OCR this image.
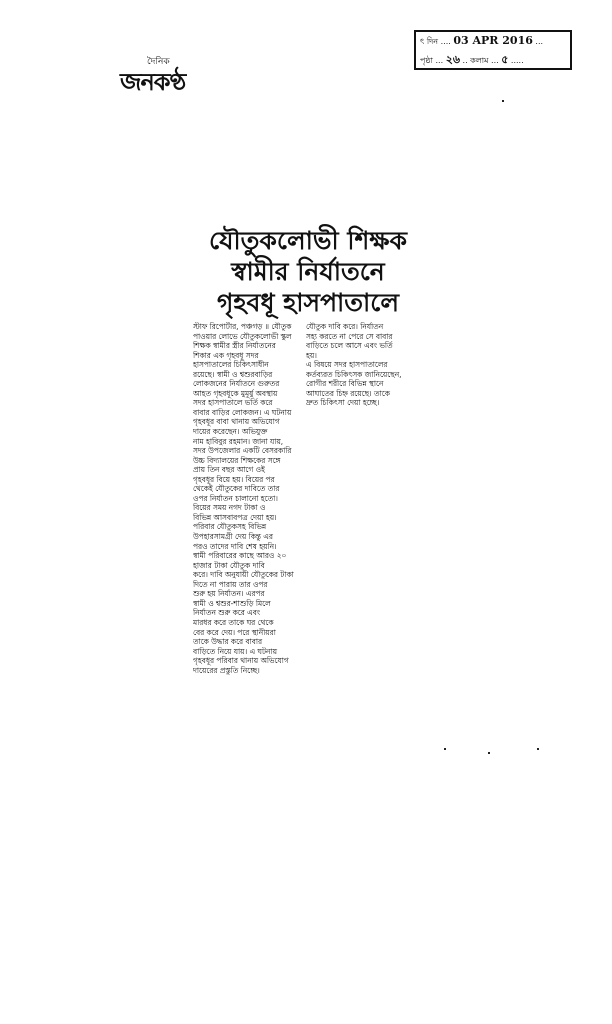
দৈনিক
জনকণ্ঠ
ৎ দিন .... 03 APR 2016 ...
পৃষ্ঠা ... ২৬ .. কলাম ... ৫ .....
যৌতুকলোভী শিক্ষক
স্বামীর নির্যাতনে
গৃহবধূ হাসপাতালে
স্টাফ রিপোর্টার, পঞ্চগড় ॥ যৌতুক
পাওয়ার লোভে যৌতুকলোভী স্কুল
শিক্ষক স্বামীর স্ত্রীর নির্যাতনের
শিকার এক গৃহবধূ সদর
হাসপাতালের চিকিৎসাধীন
রয়েছে। স্বামী ও শ্বশুরবাড়ির
লোকজনের নির্যাতনে গুরুতর
আহত গৃহবধূকে মুমূর্ষু অবস্থায়
সদর হাসপাতালে ভর্তি করে
বাবার বাড়ির লোকজন। এ ঘটনায়
গৃহবধূর বাবা থানায় অভিযোগ
দায়ের করেছেন। অভিযুক্ত
নাম হাবিবুর রহমান। জানা যায়,
সদর উপজেলার একটি বেসরকারি
উচ্চ বিদ্যালয়ের শিক্ষকের সঙ্গে
প্রায় তিন বছর আগে ওই
গৃহবধূর বিয়ে হয়। বিয়ের পর
থেকেই যৌতুকের দাবিতে তার
ওপর নির্যাতন চালানো হতো।
বিয়ের সময় নগদ টাকা ও
বিভিন্ন আসবাবপত্র দেয়া হয়।
পরিবার যৌতুকসহ বিভিন্ন
উপহারসামগ্রী দেয় কিন্তু এর
পরও তাদের দাবি শেষ হয়নি।
স্বামী পরিবারের কাছে আরও ২০
হাজার টাকা যৌতুক দাবি
করে। দাবি অনুযায়ী যৌতুকের টাকা
দিতে না পারায় তার ওপর
শুরু হয় নির্যাতন। এরপর
স্বামী ও শ্বশুর-শাশুড়ি মিলে
নির্যাতন শুরু করে এবং
মারধর করে তাকে ঘর থেকে
বের করে দেয়। পরে স্থানীয়রা
তাকে উদ্ধার করে বাবার
বাড়িতে নিয়ে যায়। এ ঘটনায়
গৃহবধূর পরিবার থানায় অভিযোগ
দায়েরের প্রস্তুতি নিচ্ছে।
যৌতুক দাবি করে। নির্যাতন
সহ্য করতে না পেরে সে বাবার
বাড়িতে চলে আসে এবং ভর্তি
হয়।
এ বিষয়ে সদর হাসপাতালের
কর্তব্যরত চিকিৎসক জানিয়েছেন,
রোগীর শরীরে বিভিন্ন স্থানে
আঘাতের চিহ্ন রয়েছে। তাকে
দ্রুত চিকিৎসা দেয়া হচ্ছে।
